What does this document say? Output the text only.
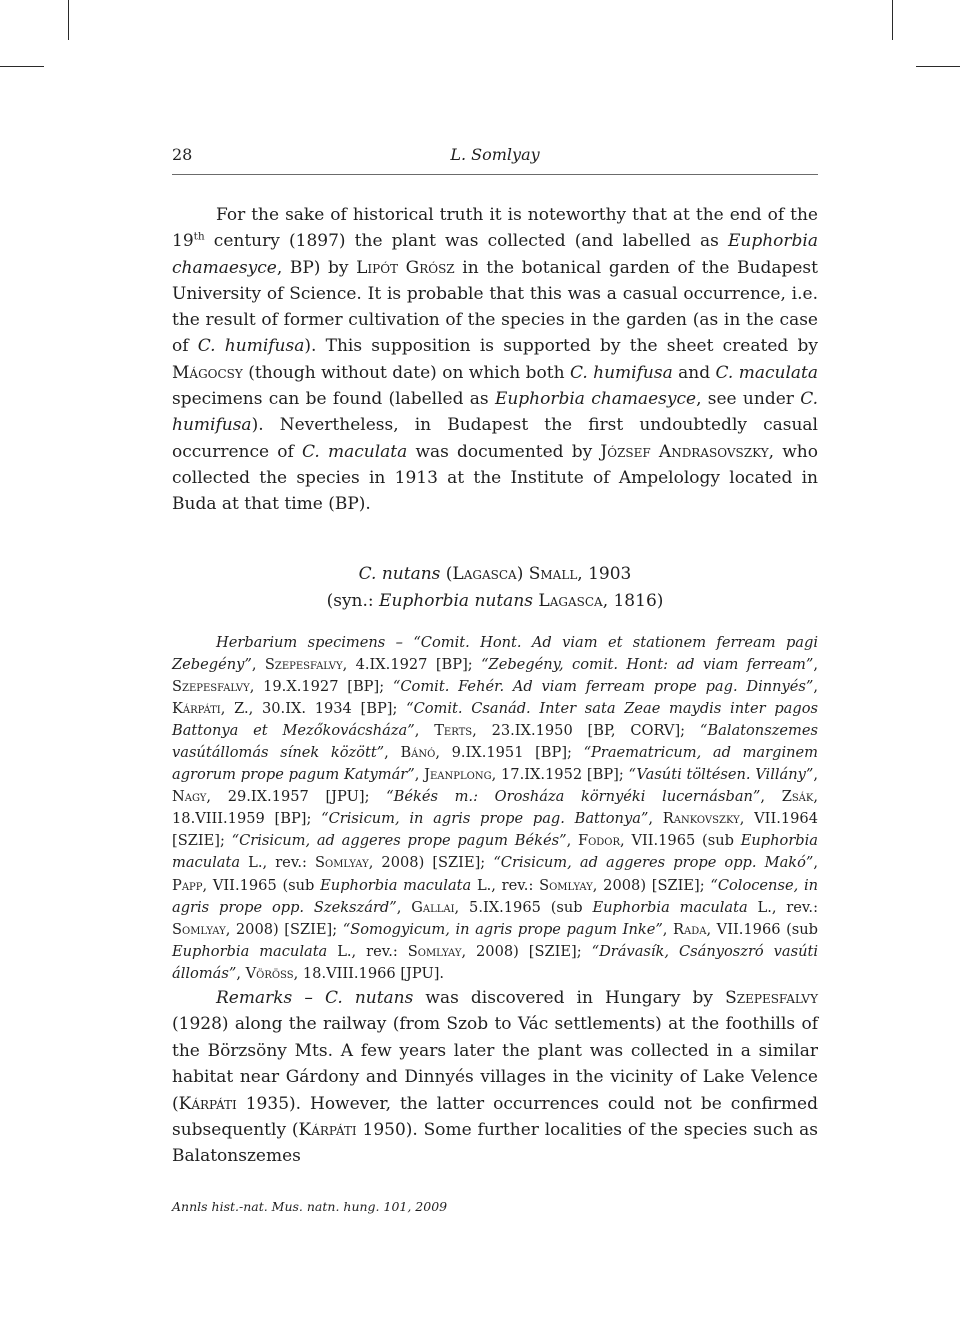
28	L. Somlyay
For the sake of historical truth it is noteworthy that at the end of the 19th century (1897) the plant was collected (and labelled as Euphorbia chamaesyce, BP) by Lipót Grósz in the botanical garden of the Budapest University of Science. It is probable that this was a casual occurrence, i.e. the result of former cultivation of the species in the garden (as in the case of C. humifusa). This supposition is supported by the sheet created by Mágocsy (though without date) on which both C. humifusa and C. maculata specimens can be found (labelled as Euphorbia chamaesyce, see under C. humifusa). Nevertheless, in Budapest the first undoubtedly casual occurrence of C. maculata was documented by József Andrasovszky, who collected the species in 1913 at the Institute of Ampelology located in Buda at that time (BP).
C. nutans (Lagasca) Small, 1903
(syn.: Euphorbia nutans Lagasca, 1816)
Herbarium specimens – “Comit. Hont. Ad viam et stationem ferream pagi Zebegény”, Szepesfalvy, 4.IX.1927 [BP]; “Zebegény, comit. Hont: ad viam ferream”, Szepesfalvy, 19.X.1927 [BP]; “Comit. Fehér. Ad viam ferream prope pag. Dinnyés”, Kárpáti, Z., 30.IX. 1934 [BP]; “Comit. Csanád. Inter sata Zeae maydis inter pagos Battonya et Mezőkovácsháza”, Terts, 23.IX.1950 [BP, CORV]; “Balatonszemes vasútállomás sínek között”, Bánó, 9.IX.1951 [BP]; “Praematricum, ad marginem agrorum prope pagum Katymár”, Jeanplong, 17.IX.1952 [BP]; “Vasúti töltésen. Villány”, Nagy, 29.IX.1957 [JPU]; “Békés m.: Orosháza környéki lucernásban”, Zsák, 18.VIII.1959 [BP]; “Crisicum, in agris prope pag. Battonya”, Rankovszky, VII.1964 [SZIE]; “Crisicum, ad aggeres prope pagum Békés”, Fodor, VII.1965 (sub Euphorbia maculata L., rev.: Somlyay, 2008) [SZIE]; “Crisicum, ad aggeres prope opp. Makó”, Papp, VII.1965 (sub Euphorbia maculata L., rev.: Somlyay, 2008) [SZIE]; “Colocense, in agris prope opp. Szekszárd”, Gallai, 5.IX.1965 (sub Euphorbia maculata L., rev.: Somlyay, 2008) [SZIE]; “Somogyicum, in agris prope pagum Inke”, Rada, VII.1966 (sub Euphorbia maculata L., rev.: Somlyay, 2008) [SZIE]; “Drávasík, Csányoszró vasúti állomás”, Vöröss, 18.VIII.1966 [JPU].
Remarks – C. nutans was discovered in Hungary by Szepesfalvy (1928) along the railway (from Szob to Vác settlements) at the foothills of the Börzsöny Mts. A few years later the plant was collected in a similar habitat near Gárdony and Dinnyés villages in the vicinity of Lake Velence (Kárpáti 1935). However, the latter occurrences could not be confirmed subsequently (Kárpáti 1950). Some further localities of the species such as Balatonszemes
Annls hist.-nat. Mus. natn. hung. 101, 2009
